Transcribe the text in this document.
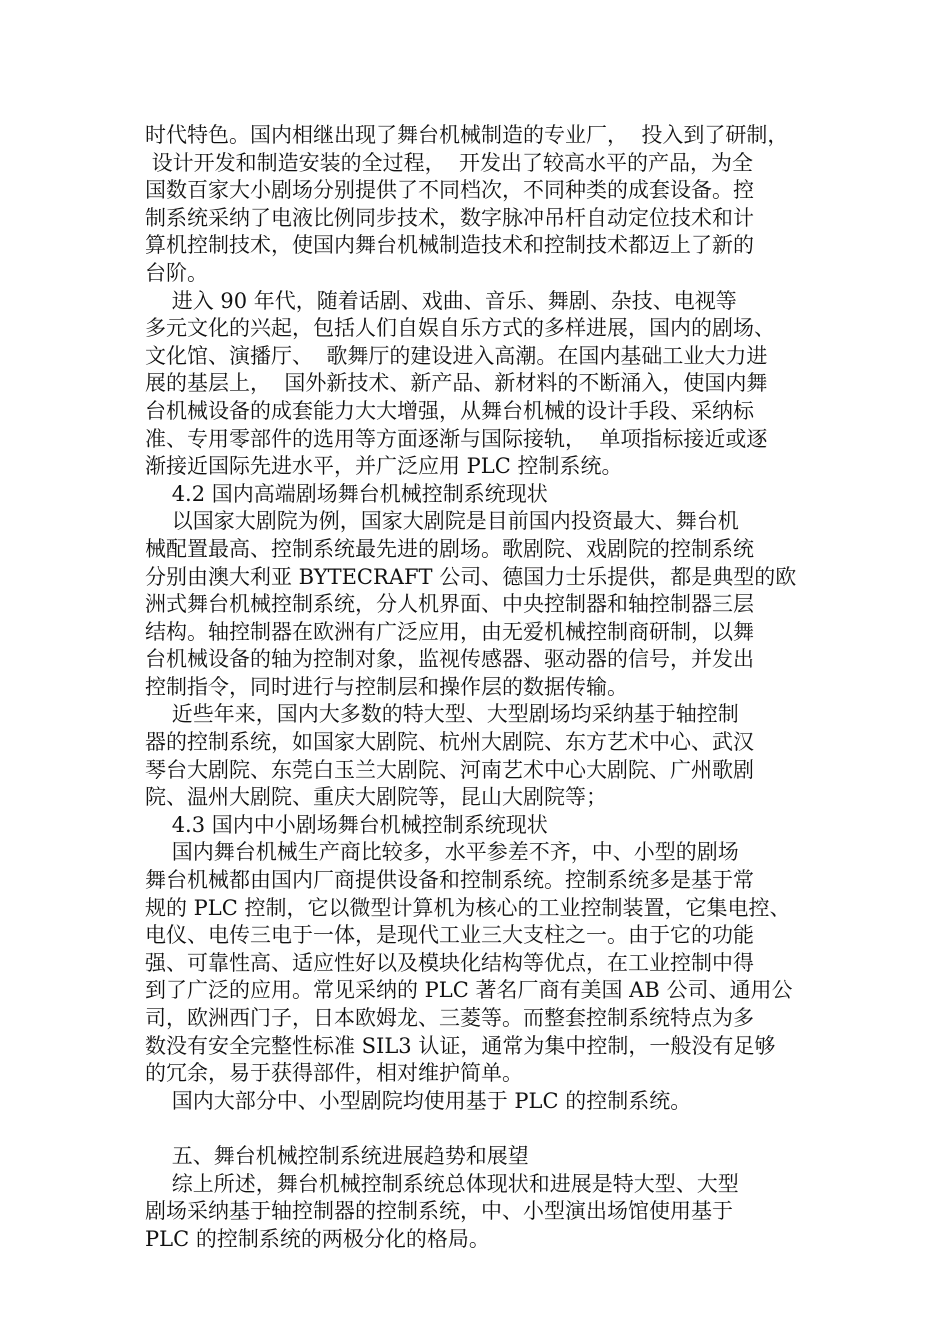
时代特色。国内相继出现了舞台机械制造的专业厂，  投入到了研制，
设计开发和制造安装的全过程，  开发出了较高水平的产品，为全
国数百家大小剧场分别提供了不同档次，不同种类的成套设备。控
制系统采纳了电液比例同步技术，数字脉冲吊杆自动定位技术和计
算机控制技术，使国内舞台机械制造技术和控制技术都迈上了新的
台阶。
进入 90 年代，随着话剧、戏曲、音乐、舞剧、杂技、电视等
多元文化的兴起，包括人们自娱自乐方式的多样进展，国内的剧场、
文化馆、演播厅、  歌舞厅的建设进入高潮。在国内基础工业大力进
展的基层上，  国外新技术、新产品、新材料的不断涌入，使国内舞
台机械设备的成套能力大大增强，从舞台机械的设计手段、采纳标
准、专用零部件的选用等方面逐渐与国际接轨，  单项指标接近或逐
渐接近国际先进水平，并广泛应用 PLC 控制系统。
4.2 国内高端剧场舞台机械控制系统现状
以国家大剧院为例，国家大剧院是目前国内投资最大、舞台机
械配置最高、控制系统最先进的剧场。歌剧院、戏剧院的控制系统
分别由澳大利亚 BYTECRAFT 公司、德国力士乐提供，都是典型的欧
洲式舞台机械控制系统，分人机界面、中央控制器和轴控制器三层
结构。轴控制器在欧洲有广泛应用，由无爱机械控制商研制，以舞
台机械设备的轴为控制对象，监视传感器、驱动器的信号，并发出
控制指令，同时进行与控制层和操作层的数据传输。
近些年来，国内大多数的特大型、大型剧场均采纳基于轴控制
器的控制系统，如国家大剧院、杭州大剧院、东方艺术中心、武汉
琴台大剧院、东莞白玉兰大剧院、河南艺术中心大剧院、广州歌剧
院、温州大剧院、重庆大剧院等，昆山大剧院等；
4.3 国内中小剧场舞台机械控制系统现状
国内舞台机械生产商比较多，水平参差不齐，中、小型的剧场
舞台机械都由国内厂商提供设备和控制系统。控制系统多是基于常
规的 PLC 控制，它以微型计算机为核心的工业控制装置，它集电控、
电仪、电传三电于一体，是现代工业三大支柱之一。由于它的功能
强、可靠性高、适应性好以及模块化结构等优点，在工业控制中得
到了广泛的应用。常见采纳的 PLC 著名厂商有美国 AB 公司、通用公
司，欧洲西门子，日本欧姆龙、三菱等。而整套控制系统特点为多
数没有安全完整性标准 SIL3 认证，通常为集中控制，一般没有足够
的冗余，易于获得部件，相对维护简单。
国内大部分中、小型剧院均使用基于 PLC 的控制系统。
五、舞台机械控制系统进展趋势和展望
综上所述，舞台机械控制系统总体现状和进展是特大型、大型
剧场采纳基于轴控制器的控制系统，中、小型演出场馆使用基于
PLC 的控制系统的两极分化的格局。
